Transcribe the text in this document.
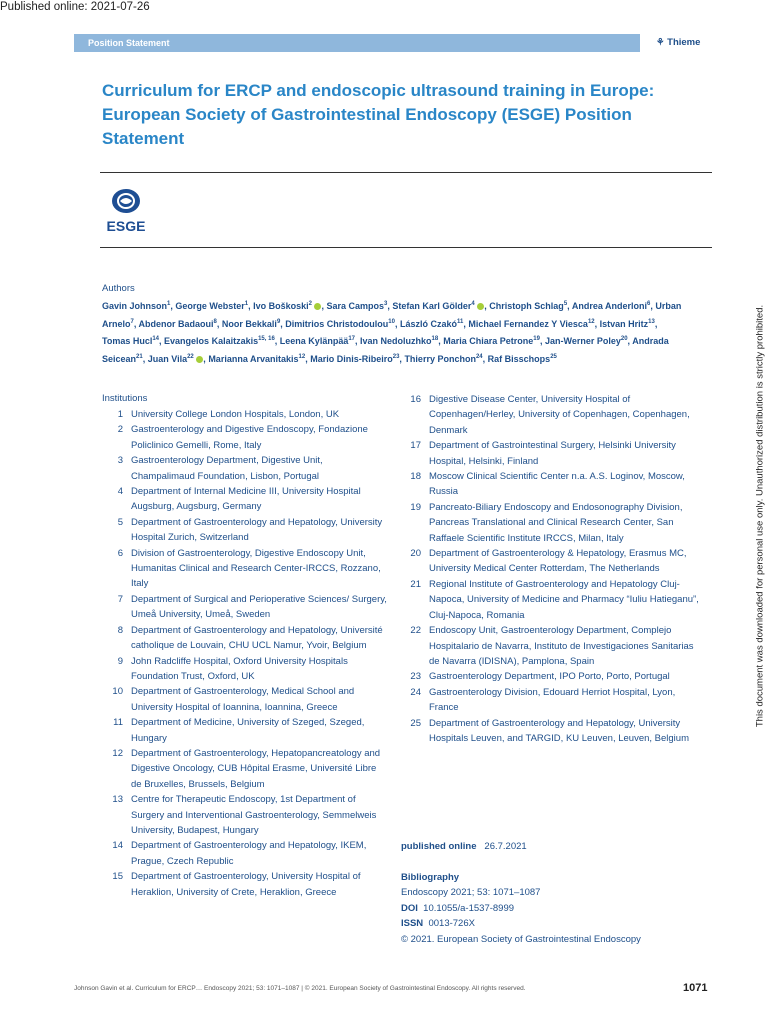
Published online: 2021-07-26
Position Statement	⚘ Thieme
Curriculum for ERCP and endoscopic ultrasound training in Europe: European Society of Gastrointestinal Endoscopy (ESGE) Position Statement
ESGE
Authors
Gavin Johnson$^1$, George Webster$^1$, Ivo Boškoski$^2$ , Sara Campos$^3$, Stefan Karl Gölder$^4$ , Christoph Schlag$^5$, Andrea Anderloni$^6$, Urban Arnelo$^7$, Abdenor Badaoui$^8$, Noor Bekkali$^9$, Dimitrios Christodoulou$^{10}$, László Czakó$^{11}$, Michael Fernandez Y Viesca$^{12}$, Istvan Hritz$^{13}$, Tomas Hucl$^{14}$, Evangelos Kalaitzakis$^{15, 16}$, Leena Kylänpää$^{17}$, Ivan Nedoluzhko$^{18}$, Maria Chiara Petrone$^{19}$, Jan-Werner Poley$^{20}$, Andrada Seicean$^{21}$, Juan Vila$^{22}$ , Marianna Arvanitakis$^{12}$, Mario Dinis-Ribeiro$^{23}$, Thierry Ponchon$^{24}$, Raf Bisschops$^{25}$
Institutions
1 University College London Hospitals, London, UK
2 Gastroenterology and Digestive Endoscopy, Fondazione Policlinico Gemelli, Rome, Italy
3 Gastroenterology Department, Digestive Unit, Champalimaud Foundation, Lisbon, Portugal
4 Department of Internal Medicine III, University Hospital Augsburg, Augsburg, Germany
5 Department of Gastroenterology and Hepatology, University Hospital Zurich, Switzerland
6 Division of Gastroenterology, Digestive Endoscopy Unit, Humanitas Clinical and Research Center-IRCCS, Rozzano, Italy
7 Department of Surgical and Perioperative Sciences/ Surgery, Umeå University, Umeå, Sweden
8 Department of Gastroenterology and Hepatology, Université catholique de Louvain, CHU UCL Namur, Yvoir, Belgium
9 John Radcliffe Hospital, Oxford University Hospitals Foundation Trust, Oxford, UK
10 Department of Gastroenterology, Medical School and University Hospital of Ioannina, Ioannina, Greece
11 Department of Medicine, University of Szeged, Szeged, Hungary
12 Department of Gastroenterology, Hepatopancreatology and Digestive Oncology, CUB Hôpital Erasme, Université Libre de Bruxelles, Brussels, Belgium
13 Centre for Therapeutic Endoscopy, 1st Department of Surgery and Interventional Gastroenterology, Semmelweis University, Budapest, Hungary
14 Department of Gastroenterology and Hepatology, IKEM, Prague, Czech Republic
15 Department of Gastroenterology, University Hospital of Heraklion, University of Crete, Heraklion, Greece
16 Digestive Disease Center, University Hospital of Copenhagen/Herley, University of Copenhagen, Copenhagen, Denmark
17 Department of Gastrointestinal Surgery, Helsinki University Hospital, Helsinki, Finland
18 Moscow Clinical Scientific Center n.a. A.S. Loginov, Moscow, Russia
19 Pancreato-Biliary Endoscopy and Endosonography Division, Pancreas Translational and Clinical Research Center, San Raffaele Scientific Institute IRCCS, Milan, Italy
20 Department of Gastroenterology & Hepatology, Erasmus MC, University Medical Center Rotterdam, The Netherlands
21 Regional Institute of Gastroenterology and Hepatology Cluj-Napoca, University of Medicine and Pharmacy “Iuliu Hatieganu”, Cluj-Napoca, Romania
22 Endoscopy Unit, Gastroenterology Department, Complejo Hospitalario de Navarra, Instituto de Investigaciones Sanitarias de Navarra (IDISNA), Pamplona, Spain
23 Gastroenterology Department, IPO Porto, Porto, Portugal
24 Gastroenterology Division, Edouard Herriot Hospital, Lyon, France
25 Department of Gastroenterology and Hepatology, University Hospitals Leuven, and TARGID, KU Leuven, Leuven, Belgium
published online 26.7.2021
Bibliography
Endoscopy 2021; 53: 1071–1087
DOI 10.1055/a-1537-8999
ISSN 0013-726X
© 2021. European Society of Gastrointestinal Endoscopy
Johnson Gavin et al. Curriculum for ERCP… Endoscopy 2021; 53: 1071–1087 | © 2021. European Society of Gastrointestinal Endoscopy. All rights reserved.	1071
This document was downloaded for personal use only. Unauthorized distribution is strictly prohibited.
